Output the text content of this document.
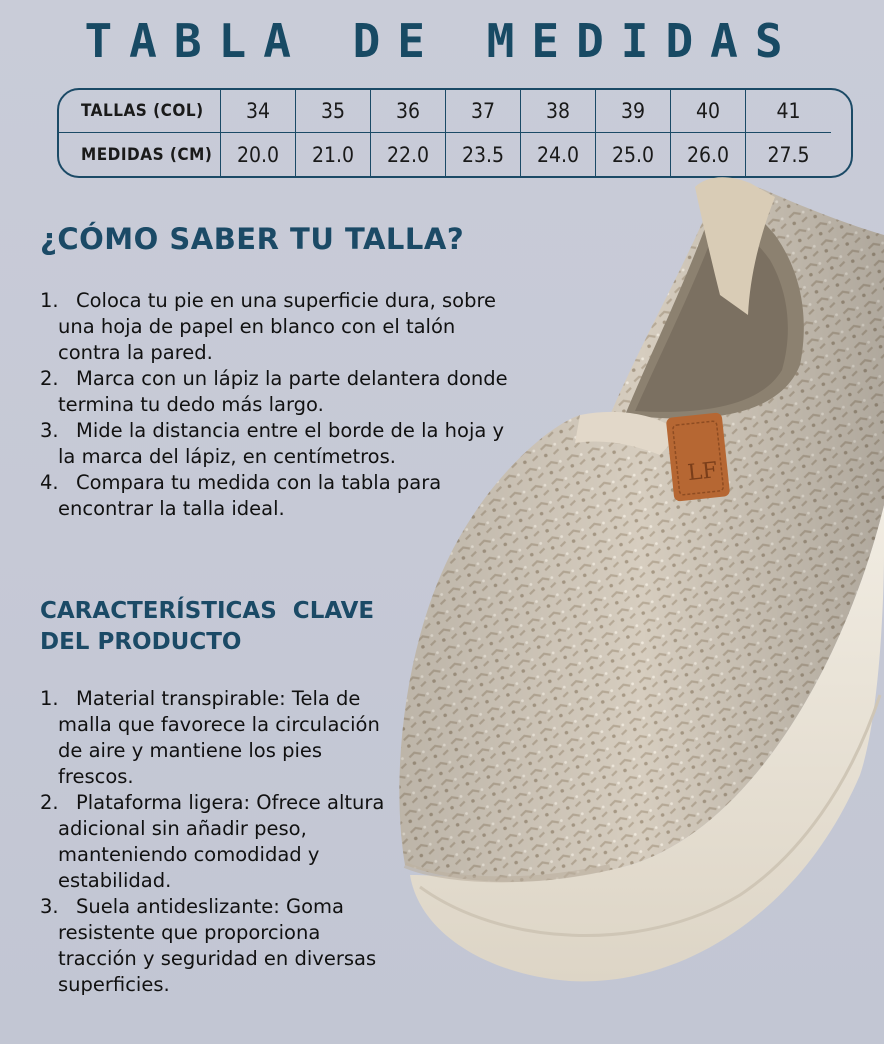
TABLA DE MEDIDAS
TALLAS (COL)	34	35	36	37	38	39	40	41
MEDIDAS (CM)	20.0	21.0	22.0	23.5	24.0	25.0	26.0	27.5
¿CÓMO SABER TU TALLA?
1. Coloca tu pie en una superficie dura, sobre una hoja de papel en blanco con el talón contra la pared.
2. Marca con un lápiz la parte delantera donde termina tu dedo más largo.
3. Mide la distancia entre el borde de la hoja y la marca del lápiz, en centímetros.
4. Compara tu medida con la tabla para encontrar la talla ideal.
CARACTERÍSTICAS  CLAVE
DEL PRODUCTO
1. Material transpirable: Tela de malla que favorece la circulación de aire y mantiene los pies frescos.
2. Plataforma ligera: Ofrece altura adicional sin añadir peso, manteniendo comodidad y estabilidad.
3. Suela antideslizante: Goma resistente que proporciona tracción y seguridad en diversas superficies.
LF
